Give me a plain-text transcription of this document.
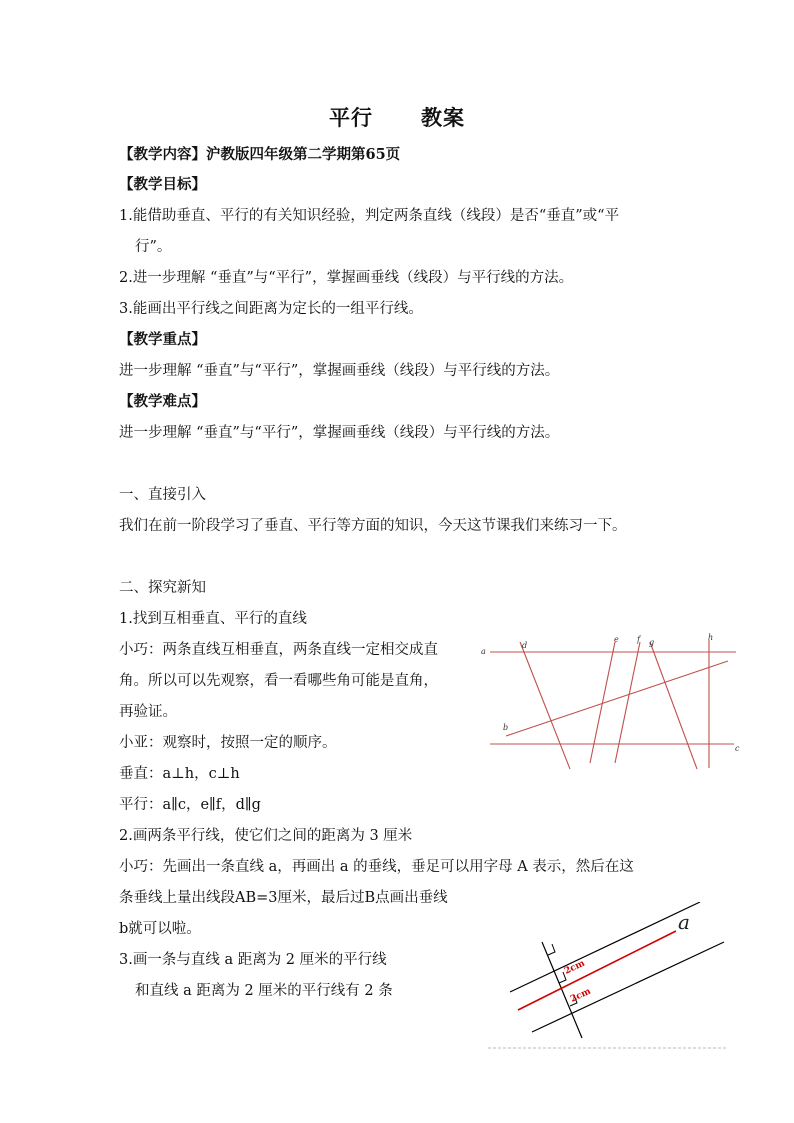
平行 教案
【教学内容】沪教版四年级第二学期第65页
【教学目标】
1.能借助垂直、平行的有关知识经验，判定两条直线（线段）是否“垂直”或“平
行”。
2.进一步理解 “垂直”与“平行”，掌握画垂线（线段）与平行线的方法。
3.能画出平行线之间距离为定长的一组平行线。
【教学重点】
进一步理解 “垂直”与“平行”，掌握画垂线（线段）与平行线的方法。
【教学难点】
进一步理解 “垂直”与“平行”，掌握画垂线（线段）与平行线的方法。
一、直接引入
我们在前一阶段学习了垂直、平行等方面的知识，今天这节课我们来练习一下。
二、探究新知
1.找到互相垂直、平行的直线
小巧：两条直线互相垂直，两条直线一定相交成直
角。所以可以先观察，看一看哪些角可能是直角，
再验证。
小亚：观察时，按照一定的顺序。
垂直：a⊥h，c⊥h
平行：a∥c，e∥f，d∥g
2.画两条平行线，使它们之间的距离为 3 厘米
小巧：先画出一条直线 a，再画出 a 的垂线，垂足可以用字母 A 表示，然后在这
条垂线上量出线段AB=3厘米，最后过B点画出垂线
b就可以啦。
3.画一条与直线 a 距离为 2 厘米的平行线
和直线 a 距离为 2 厘米的平行线有 2 条
a
b
c
d
e f g
h
a
2cm
2cm
